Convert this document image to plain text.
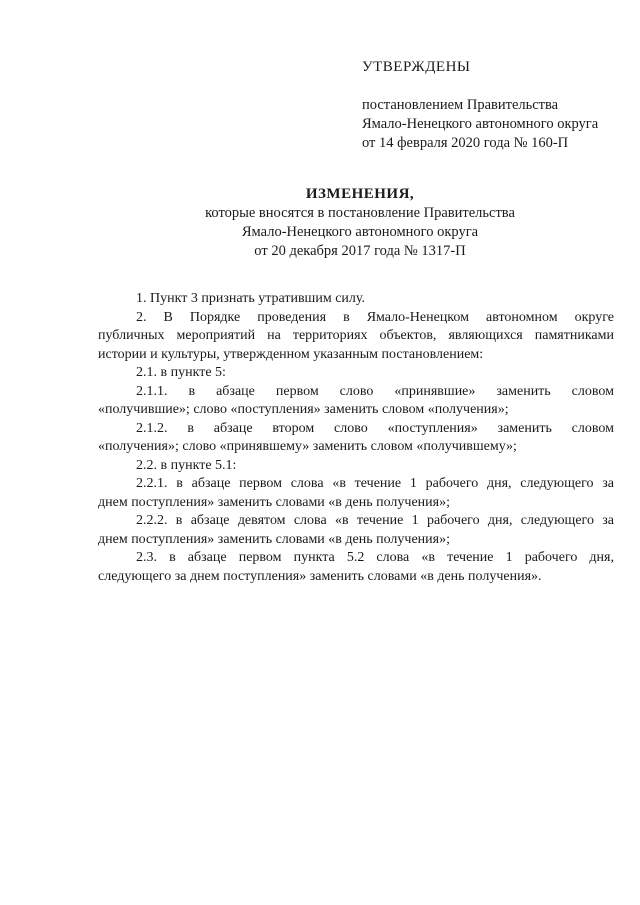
УТВЕРЖДЕНЫ
постановлением Правительства
Ямало-Ненецкого автономного округа
от 14 февраля 2020 года № 160-П
ИЗМЕНЕНИЯ,
которые вносятся в постановление Правительства
Ямало-Ненецкого автономного округа
от 20 декабря 2017 года № 1317-П
1. Пункт 3 признать утратившим силу.
2. В Порядке проведения в Ямало-Ненецком автономном округе
публичных мероприятий на территориях объектов, являющихся памятниками
истории и культуры, утвержденном указанным постановлением:
2.1. в пункте 5:
2.1.1. в абзаце первом слово «принявшие» заменить словом
«получившие»; слово «поступления» заменить словом «получения»;
2.1.2. в абзаце втором слово «поступления» заменить словом
«получения»; слово «принявшему» заменить словом «получившему»;
2.2. в пункте 5.1:
2.2.1. в абзаце первом слова «в течение 1 рабочего дня, следующего за
днем поступления» заменить словами «в день получения»;
2.2.2. в абзаце девятом слова «в течение 1 рабочего дня, следующего за
днем поступления» заменить словами «в день получения»;
2.3. в абзаце первом пункта 5.2 слова «в течение 1 рабочего дня,
следующего за днем поступления» заменить словами «в день получения».
